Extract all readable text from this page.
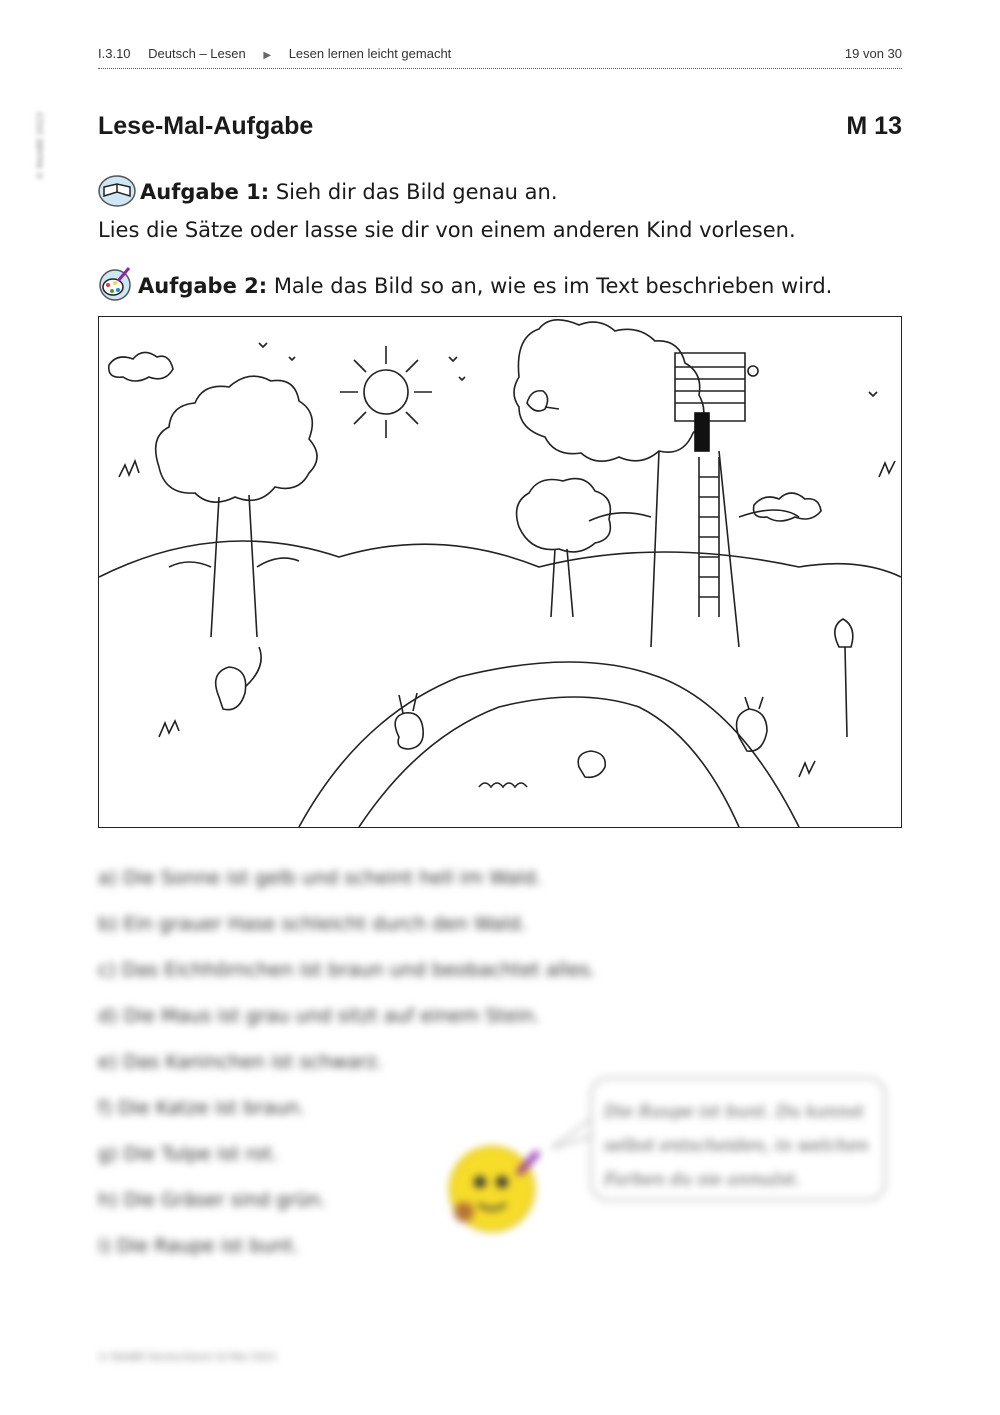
I.3.10 Deutsch – Lesen ▶ Lesen lernen leicht gemacht	19 von 30
Lese-Mal-Aufgabe	M 13
Aufgabe 1: Sieh dir das Bild genau an.
Lies die Sätze oder lasse sie dir von einem anderen Kind vorlesen.
Aufgabe 2: Male das Bild so an, wie es im Text beschrieben wird.
a) Die Sonne ist gelb und scheint hell im Wald.
b) Ein grauer Hase schleicht durch den Wald.
c) Das Eichhörnchen ist braun und beobachtet alles.
d) Die Maus ist grau und sitzt auf einem Stein.
e) Das Kaninchen ist schwarz.
f) Die Katze ist braun.
g) Die Tulpe ist rot.
h) Die Gräser sind grün.
i) Die Raupe ist bunt.
Die Raupe ist bunt. Du kannst selbst entscheiden, in welchen Farben du sie anmalst.
© RAABE Deutschland 10 Mai 2023
© RAABE 2023
